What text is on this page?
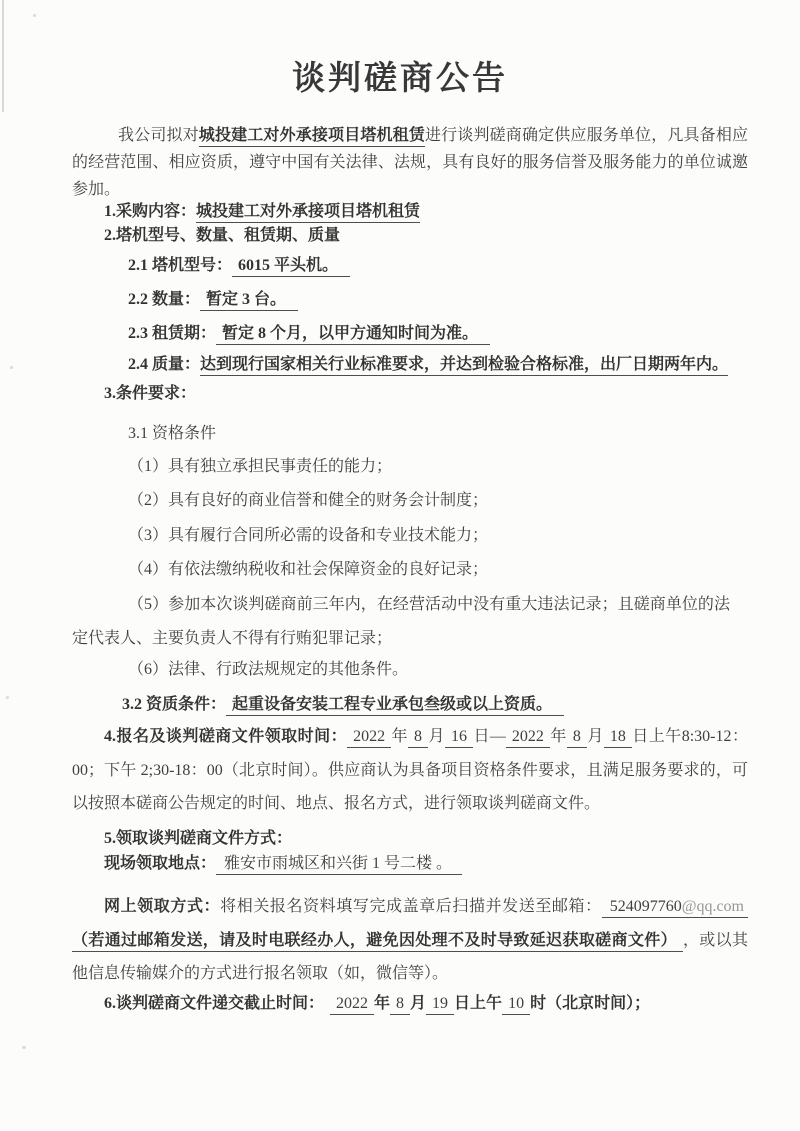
谈判磋商公告
我公司拟对城投建工对外承接项目塔机租赁进行谈判磋商确定供应服务单位，凡具备相应的经营范围、相应资质，遵守中国有关法律、法规，具有良好的服务信誉及服务能力的单位诚邀参加。
1.采购内容：城投建工对外承接项目塔机租赁
2.塔机型号、数量、租赁期、质量
2.1 塔机型号： 6015 平头机。
2.2 数量： 暂定 3 台。
2.3 租赁期： 暂定 8 个月，以甲方通知时间为准。
2.4 质量：达到现行国家相关行业标准要求，并达到检验合格标准，出厂日期两年内。
3.条件要求：
3.1 资格条件
（1）具有独立承担民事责任的能力；
（2）具有良好的商业信誉和健全的财务会计制度；
（3）具有履行合同所必需的设备和专业技术能力；
（4）有依法缴纳税收和社会保障资金的良好记录；
（5）参加本次谈判磋商前三年内，在经营活动中没有重大违法记录；且磋商单位的法定代表人、主要负责人不得有行贿犯罪记录；
（6）法律、行政法规规定的其他条件。
3.2 资质条件： 起重设备安装工程专业承包叁级或以上资质。
4.报名及谈判磋商文件领取时间： 2022 年 8 月 16 日— 2022 年 8 月 18 日上午8:30-12：00；下午 2;30-18：00（北京时间）。供应商认为具备项目资格条件要求，且满足服务要求的，可以按照本磋商公告规定的时间、地点、报名方式，进行领取谈判磋商文件。
5.领取谈判磋商文件方式：
现场领取地点： 雅安市雨城区和兴街 1 号二楼 。
网上领取方式：将相关报名资料填写完成盖章后扫描并发送至邮箱： 524097760@qq.com（若通过邮箱发送，请及时电联经办人，避免因处理不及时导致延迟获取磋商文件） ，或以其他信息传输媒介的方式进行报名领取（如，微信等）。
6.谈判磋商文件递交截止时间： 2022 年 8 月 19 日上午 10 时（北京时间）；
